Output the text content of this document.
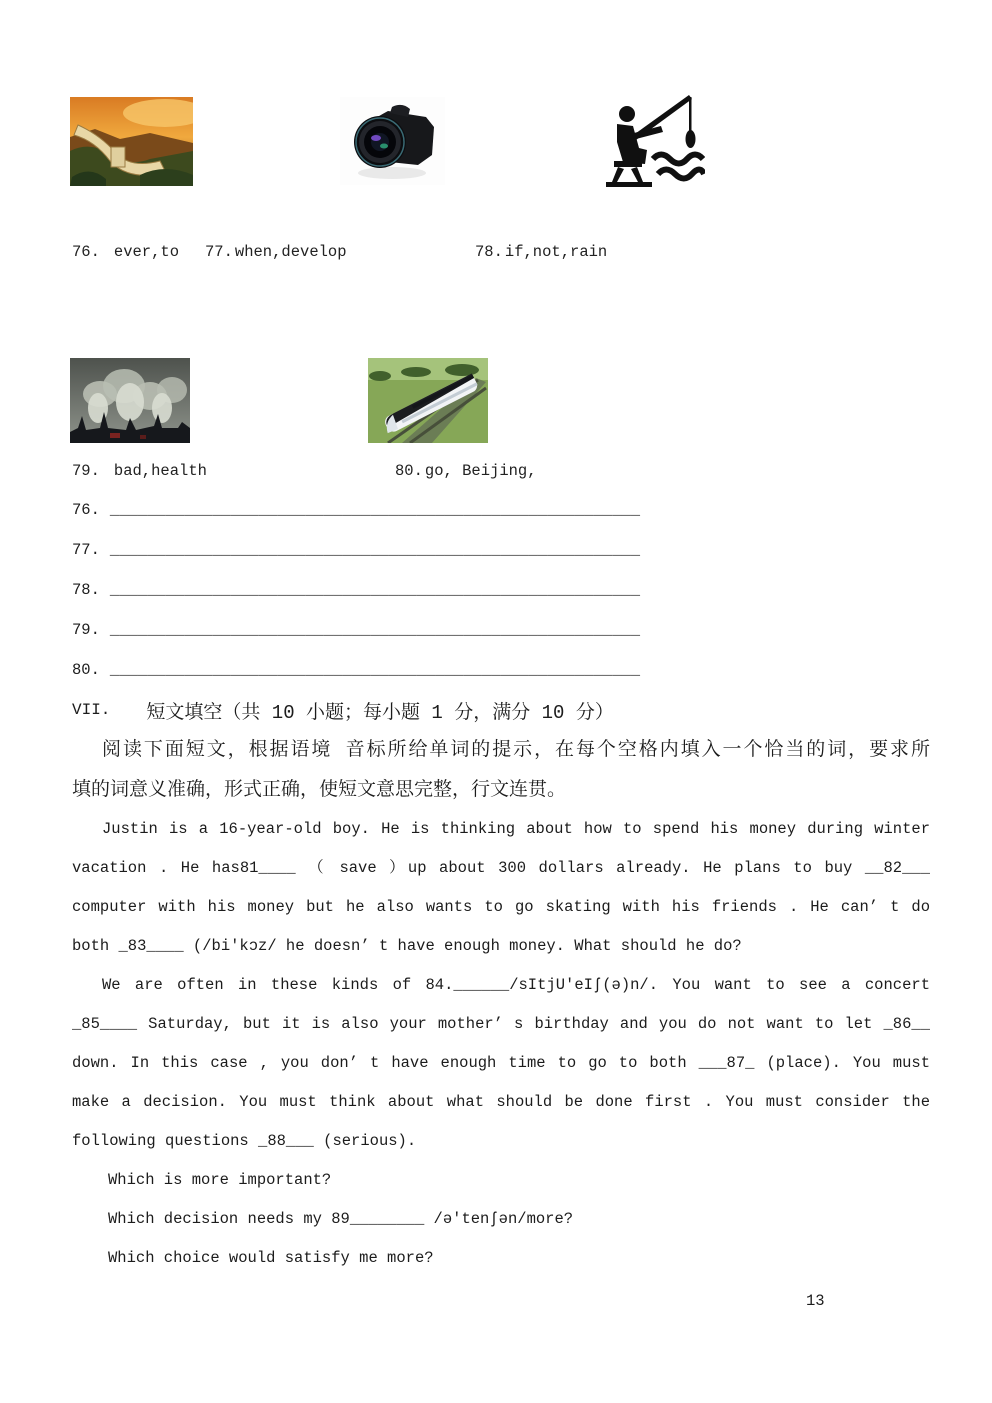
76. ever,to 77. when,develop	78. if,not,rain
79. bad,health	80. go, Beijing,
76. _________________________________________________________
77. _________________________________________________________
78. _________________________________________________________
79. _________________________________________________________
80. _________________________________________________________
VII. 短文填空（共 10 小题；每小题 1 分，满分 10 分）
阅读下面短文，根据语境 音标所给单词的提示，在每个空格内填入一个恰当的词，要求所
填的词意义准确，形式正确，使短文意思完整，行文连贯。
Justin is a 16-year-old boy. He is thinking about how to spend his money during winter
vacation . He has81____ （ save ）up about 300 dollars already. He plans to buy __82___
computer with his money but he also wants to go skating with his friends . He can’ t do
both _83____ (/bi'kɔz/ he doesn’ t have enough money. What should he do?
We are often in these kinds of 84.______/sItjU'eIʃ(ə)n/. You want to see a concert
_85____ Saturday, but it is also your mother’ s birthday and you do not want to let _86__
down. In this case , you don’ t have enough time to go to both ___87_ (place). You must
make a decision. You must think about what should be done first . You must consider the
following questions _88___ (serious).
Which is more important?
Which decision needs my 89________ /ə'tenʃən/more?
Which choice would satisfy me more?
13
